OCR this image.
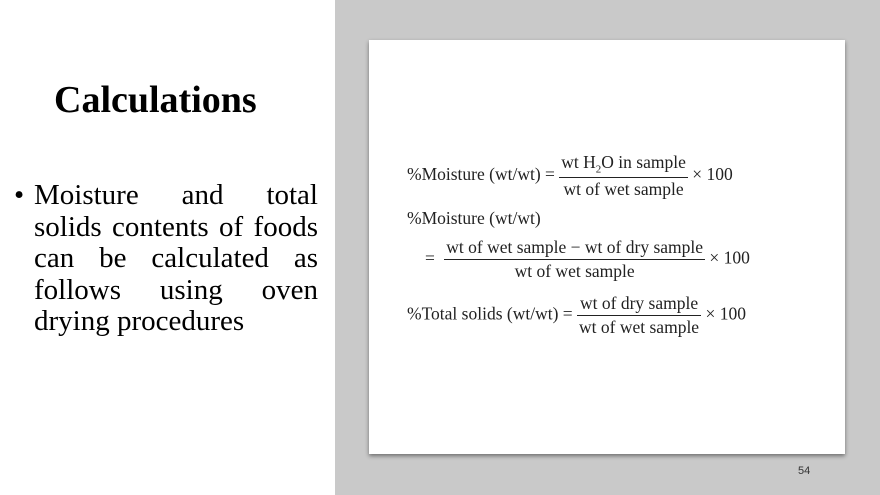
Calculations
• Moisture and total
solids contents of foods
can be calculated as
follows using oven
drying procedures
%Moisture $(wt/wt) = \frac{wt H_2O in sample}{\text{wt of wet sample}} \times 100$
%Moisture (wt/wt)
= $\frac{\text{wt of wet sample − wt of dry sample}}{\text{wt of wet sample}} \times 100$
%Total solids $(wt/wt) = \frac{\text{wt of dry sample}}{\text{wt of wet sample}} \times 100$
54
